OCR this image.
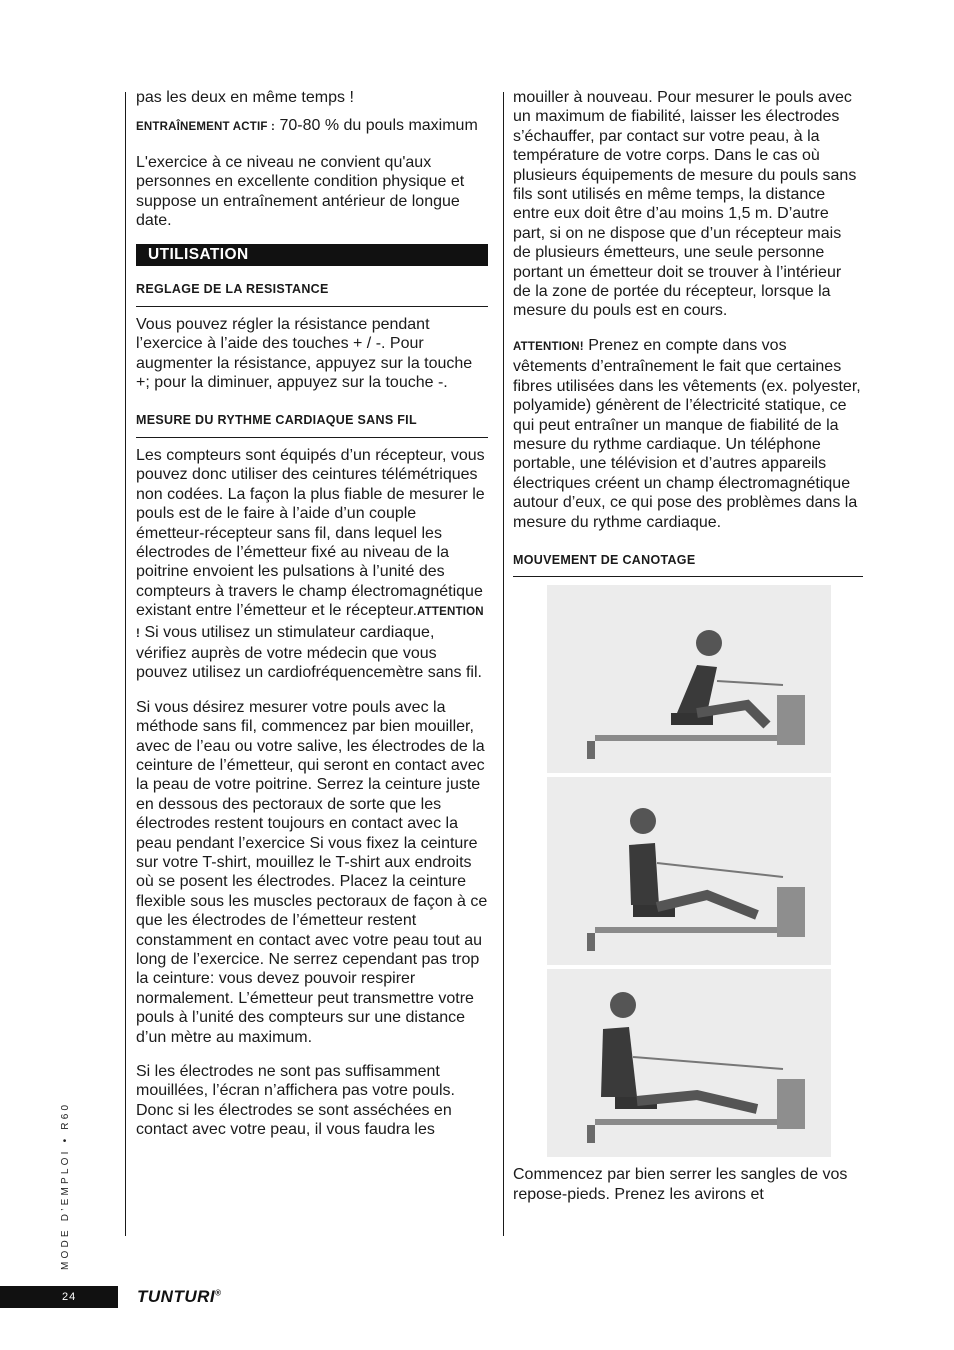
pas les deux en même temps !

ENTRAÎNEMENT ACTIF : 70-80 % du pouls maximum

L'exercice à ce niveau ne convient qu'aux personnes en excellente condition physique et suppose un entraînement antérieur de longue date.

UTILISATION
REGLAGE DE LA RESISTANCE

Vous pouvez régler la résistance pendant l’exercice à l’aide des touches + / -. Pour augmenter la résistance, appuyez sur la touche +; pour la diminuer, appuyez sur la touche -.

MESURE DU RYTHME CARDIAQUE SANS FIL

Les compteurs sont équipés d’un récepteur, vous pouvez donc utiliser des ceintures télémétriques non codées. La façon la plus fiable de mesurer le pouls est de le faire à l’aide d’un couple émetteur-récepteur sans fil, dans lequel les électrodes de l’émetteur fixé au niveau de la poitrine envoient les pulsations à l’unité des compteurs à travers le champ électromagnétique existant entre l’émetteur et le récepteur.ATTENTION ! Si vous utilisez un stimulateur cardiaque, vérifiez auprès de votre médecin que vous pouvez utilisez un cardiofréquencemètre sans fil.

Si vous désirez mesurer votre pouls avec la méthode sans fil, commencez par bien mouiller, avec de l’eau ou votre salive, les électrodes de la ceinture de l’émetteur, qui seront en contact avec la peau de votre poitrine. Serrez la ceinture juste en dessous des pectoraux de sorte que les électrodes restent toujours en contact avec la peau pendant l’exercice Si vous fixez la ceinture sur votre T-shirt, mouillez le T-shirt aux endroits où se posent les électrodes. Placez la ceinture flexible sous les muscles pectoraux de façon à ce que les électrodes de l’émetteur restent constamment en contact avec votre peau tout au long de l’exercice. Ne serrez cependant pas trop la ceinture: vous devez pouvoir respirer normalement. L’émetteur peut transmettre votre pouls à l’unité des compteurs sur une distance d’un mètre au maximum.

Si les électrodes ne sont pas suffisamment mouillées, l’écran n’affichera pas votre pouls. Donc si les électrodes se sont asséchées en contact avec votre peau, il vous faudra les

mouiller à nouveau. Pour mesurer le pouls avec un maximum de fiabilité, laisser les électrodes s’échauffer, par contact sur votre peau, à la température de votre corps. Dans le cas où plusieurs équipements de mesure du pouls sans fils sont utilisés en même temps, la distance entre eux doit être d’au moins 1,5 m. D’autre part, si on ne dispose que d’un récepteur mais de plusieurs émetteurs, une seule personne portant un émetteur doit se trouver à l’intérieur de la zone de portée du récepteur, lorsque la mesure du pouls est en cours.

ATTENTION! Prenez en compte dans vos vêtements d’entraînement le fait que certaines fibres utilisées dans les vêtements (ex. polyester, polyamide) génèrent de l’électricité statique, ce qui peut entraîner un manque de fiabilité de la mesure du rythme cardiaque. Un téléphone portable, une télévision et d’autres appareils électriques créent un champ électromagnétique autour d’eux, ce qui pose des problèmes dans la mesure du rythme cardiaque.

MOUVEMENT DE CANOTAGE

Commencez par bien serrer les sangles de vos repose-pieds. Prenez les avirons et

MODE D’EMPLOI • R60
24	TUNTURI®
